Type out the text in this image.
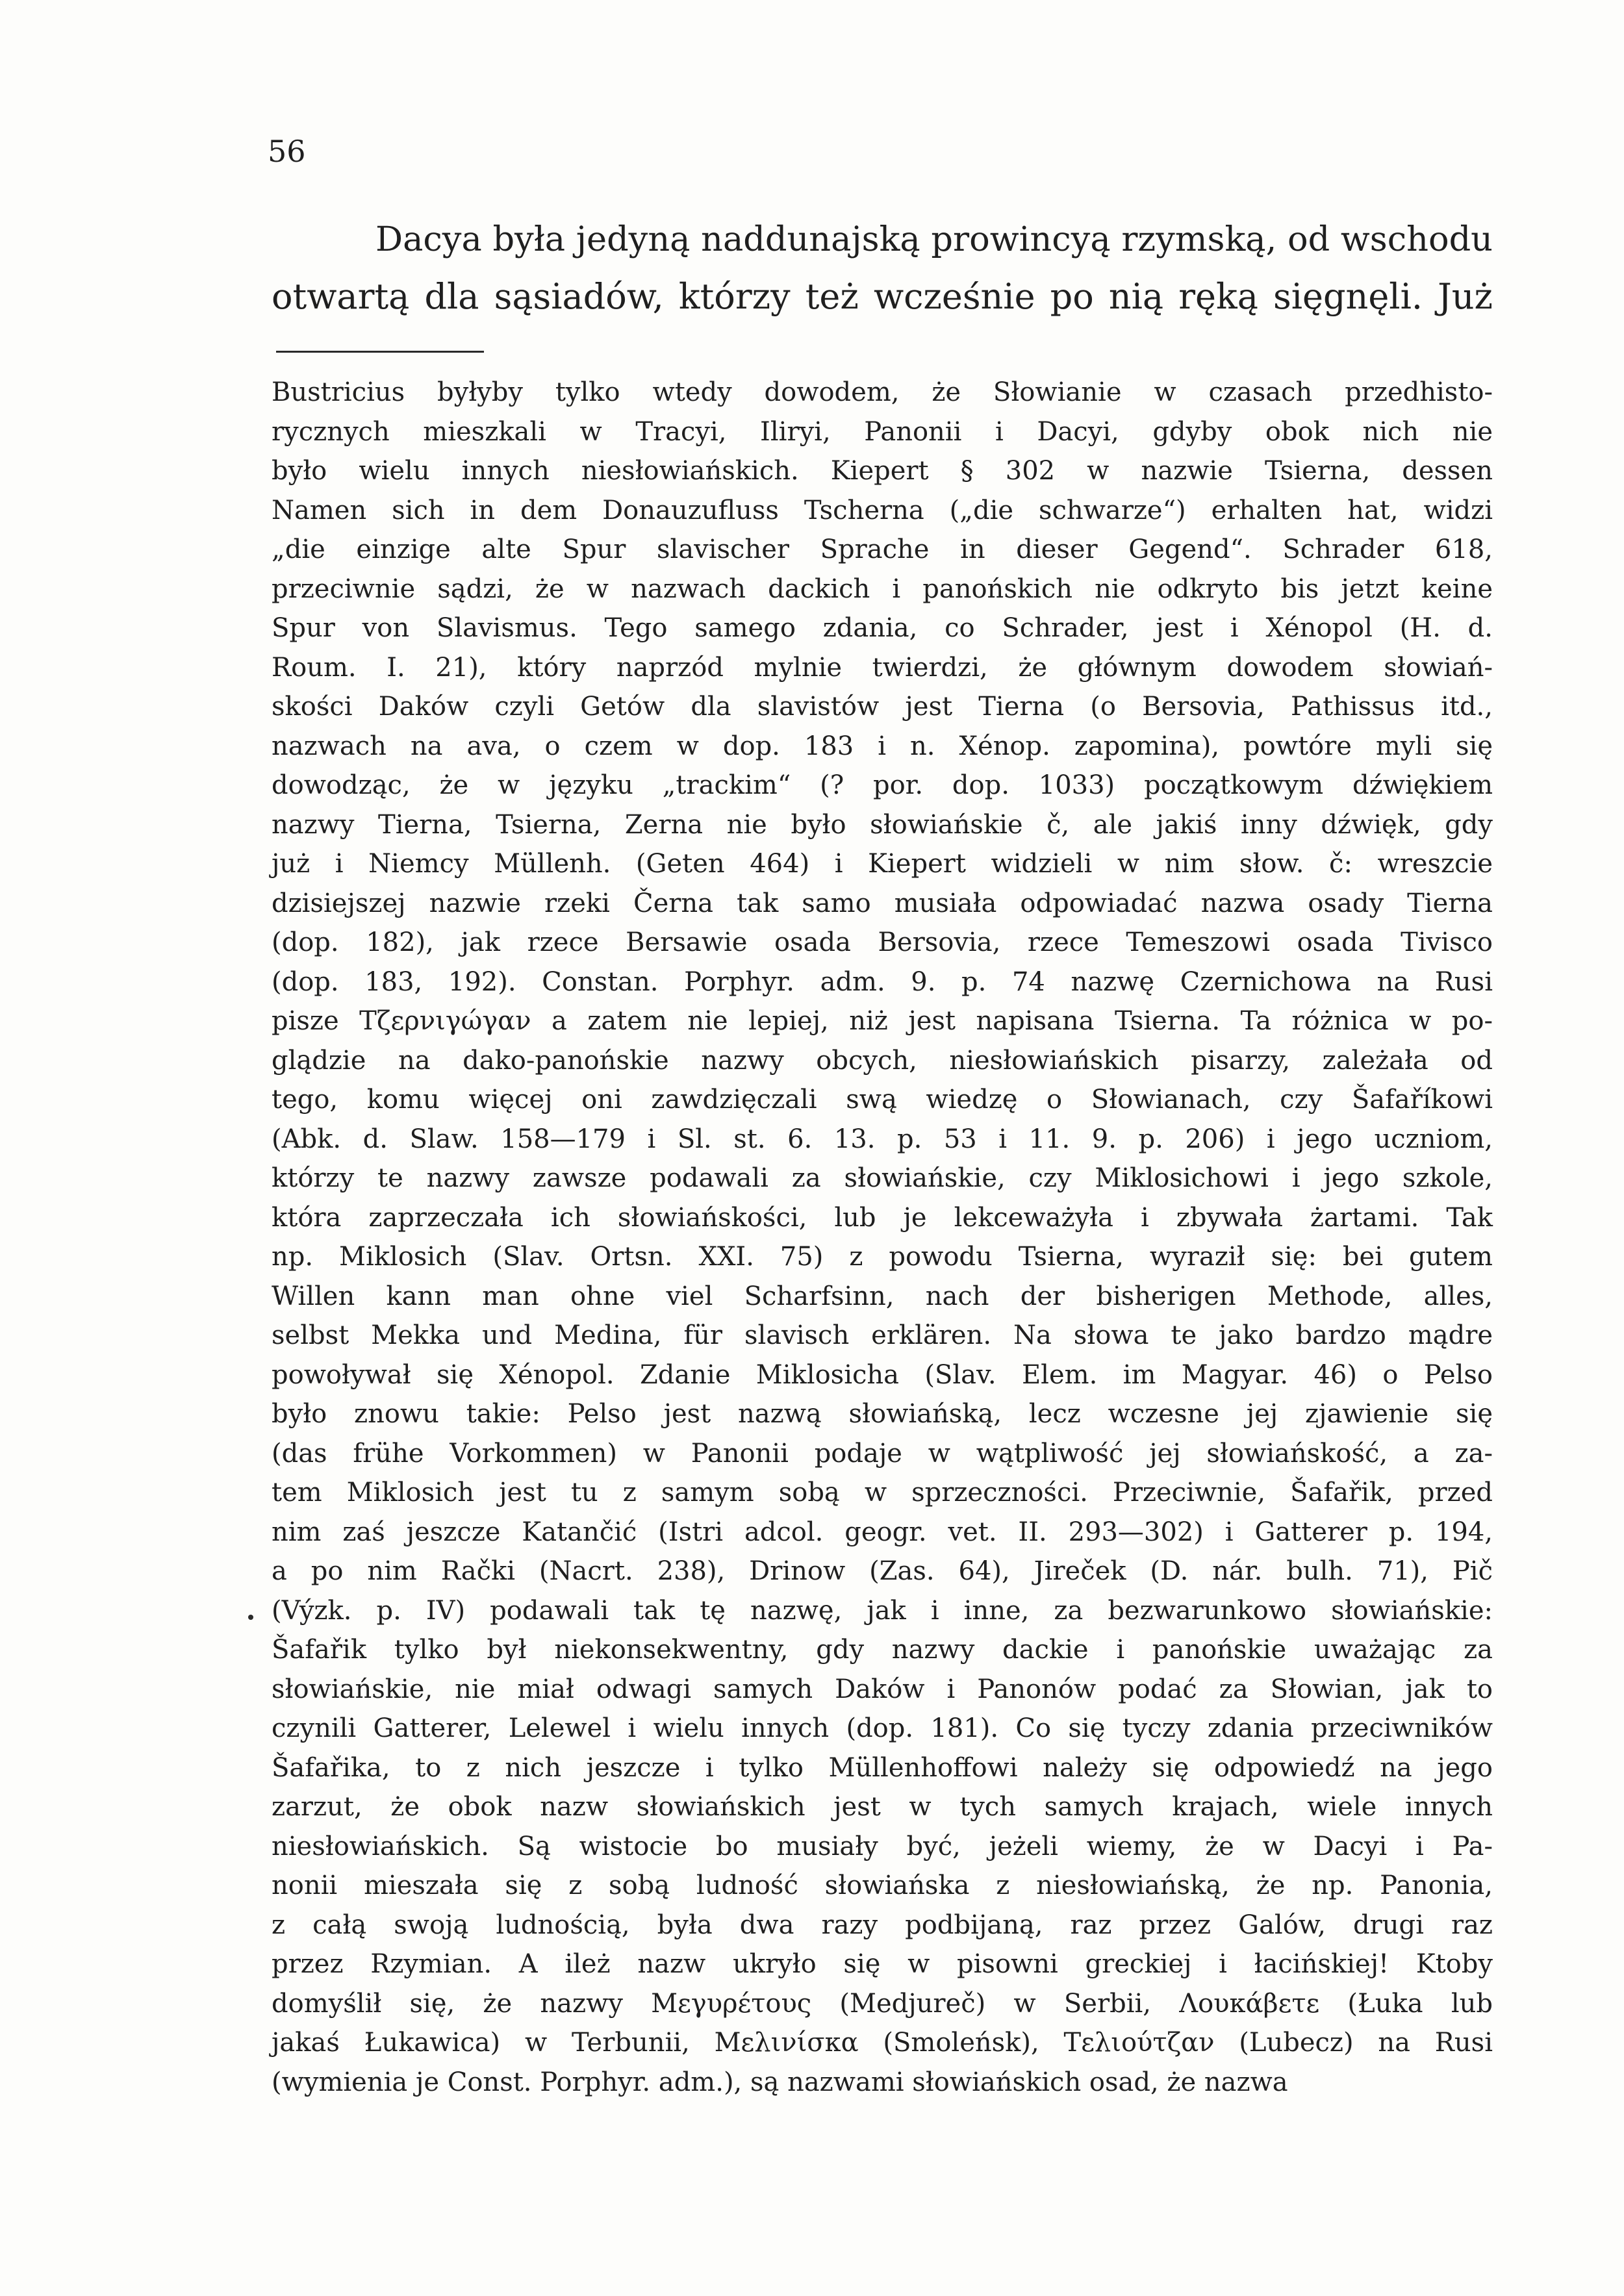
56
Dacya była jedyną naddunajską prowincyą rzymską, od wschodu
otwartą dla sąsiadów, którzy też wcześnie po nią ręką sięgnęli. Już
Bustricius byłyby tylko wtedy dowodem, że Słowianie w czasach przedhisto-
rycznych mieszkali w Tracyi, Iliryi, Panonii i Dacyi, gdyby obok nich nie
było wielu innych niesłowiańskich. Kiepert § 302 w nazwie Tsierna, dessen
Namen sich in dem Donauzufluss Tscherna („die schwarze“) erhalten hat, widzi
„die einzige alte Spur slavischer Sprache in dieser Gegend“. Schrader 618,
przeciwnie sądzi, że w nazwach dackich i panońskich nie odkryto bis jetzt keine
Spur von Slavismus. Tego samego zdania, co Schrader, jest i Xénopol (H. d.
Roum. I. 21), który naprzód mylnie twierdzi, że głównym dowodem słowiań-
skości Daków czyli Getów dla slavistów jest Tierna (o Bersovia, Pathissus itd.,
nazwach na ava, o czem w dop. 183 i n. Xénop. zapomina), powtóre myli się
dowodząc, że w języku „trackim“ (? por. dop. 1033) początkowym dźwiękiem
nazwy Tierna, Tsierna, Zerna nie było słowiańskie č, ale jakiś inny dźwięk, gdy
już i Niemcy Müllenh. (Geten 464) i Kiepert widzieli w nim słow. č: wreszcie
dzisiejszej nazwie rzeki Černa tak samo musiała odpowiadać nazwa osady Tierna
(dop. 182), jak rzece Bersawie osada Bersovia, rzece Temeszowi osada Tivisco
(dop. 183, 192). Constan. Porphyr. adm. 9. p. 74 nazwę Czernichowa na Rusi
pisze Τζερνιγώγαν a zatem nie lepiej, niż jest napisana Tsierna. Ta różnica w po-
glądzie na dako-panońskie nazwy obcych, niesłowiańskich pisarzy, zależała od
tego, komu więcej oni zawdzięczali swą wiedzę o Słowianach, czy Šafaříkowi
(Abk. d. Slaw. 158—179 i Sl. st. 6. 13. p. 53 i 11. 9. p. 206) i jego uczniom,
którzy te nazwy zawsze podawali za słowiańskie, czy Miklosichowi i jego szkole,
która zaprzeczała ich słowiańskości, lub je lekceważyła i zbywała żartami. Tak
np. Miklosich (Slav. Ortsn. XXI. 75) z powodu Tsierna, wyraził się: bei gutem
Willen kann man ohne viel Scharfsinn, nach der bisherigen Methode, alles,
selbst Mekka und Medina, für slavisch erklären. Na słowa te jako bardzo mądre
powoływał się Xénopol. Zdanie Miklosicha (Slav. Elem. im Magyar. 46) o Pelso
było znowu takie: Pelso jest nazwą słowiańską, lecz wczesne jej zjawienie się
(das frühe Vorkommen) w Panonii podaje w wątpliwość jej słowiańskość, a za-
tem Miklosich jest tu z samym sobą w sprzeczności. Przeciwnie, Šafařik, przed
nim zaś jeszcze Katančić (Istri adcol. geogr. vet. II. 293—302) i Gatterer p. 194,
a po nim Rački (Nacrt. 238), Drinow (Zas. 64), Jireček (D. nár. bulh. 71), Pič
(Výzk. p. IV) podawali tak tę nazwę, jak i inne, za bezwarunkowo słowiańskie:
Šafařik tylko był niekonsekwentny, gdy nazwy dackie i panońskie uważając za
słowiańskie, nie miał odwagi samych Daków i Panonów podać za Słowian, jak to
czynili Gatterer, Lelewel i wielu innych (dop. 181). Co się tyczy zdania przeciwników
Šafařika, to z nich jeszcze i tylko Müllenhoffowi należy się odpowiedź na jego
zarzut, że obok nazw słowiańskich jest w tych samych krajach, wiele innych
niesłowiańskich. Są wistocie bo musiały być, jeżeli wiemy, że w Dacyi i Pa-
nonii mieszała się z sobą ludność słowiańska z niesłowiańską, że np. Panonia,
z całą swoją ludnością, była dwa razy podbijaną, raz przez Galów, drugi raz
przez Rzymian. A ileż nazw ukryło się w pisowni greckiej i łacińskiej! Ktoby
domyślił się, że nazwy Μεγυρέτους (Medjureč) w Serbii, Λουκάβετε (Łuka lub
jakaś Łukawica) w Terbunii, Μελινίσκα (Smoleńsk), Τελιούτζαν (Lubecz) na Rusi
(wymienia je Const. Porphyr. adm.), są nazwami słowiańskich osad, że nazwa
